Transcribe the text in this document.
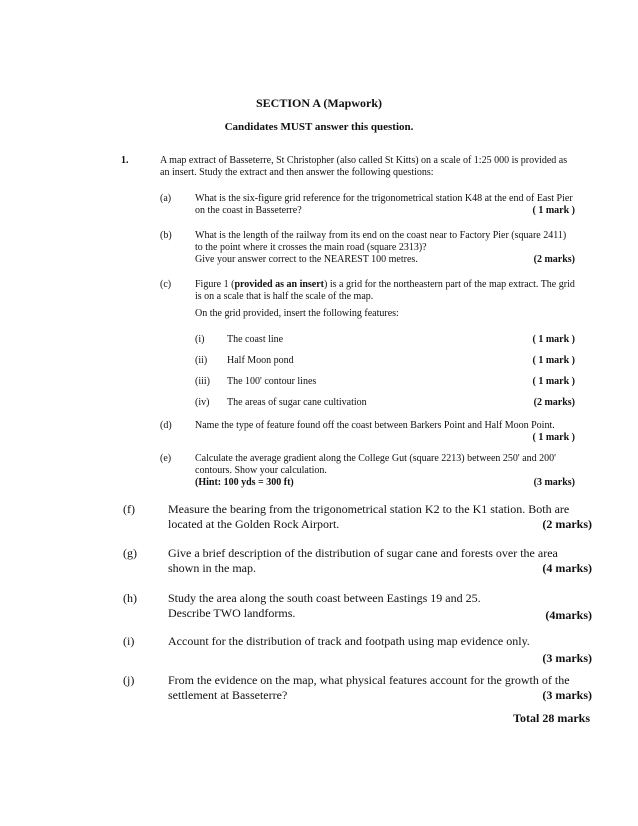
SECTION A (Mapwork)
Candidates MUST answer this question.
1.	A map extract of Basseterre, St Christopher (also called St Kitts) on a scale of 1:25 000 is provided as an insert. Study the extract and then answer the following questions:
(a) What is the six-figure grid reference for the trigonometrical station K48 at the end of East Pier on the coast in Basseterre?	( 1 mark )
(b) What is the length of the railway from its end on the coast near to Factory Pier (square 2411) to the point where it crosses the main road (square 2313)?
Give your answer correct to the NEAREST 100 metres.	(2 marks)
(c) Figure 1 (provided as an insert) is a grid for the northeastern part of the map extract. The grid is on a scale that is half the scale of the map.
On the grid provided, insert the following features:
(i) The coast line	( 1 mark )
(ii) Half Moon pond	( 1 mark )
(iii) The 100' contour lines	( 1 mark )
(iv) The areas of sugar cane cultivation	(2 marks)
(d) Name the type of feature found off the coast between Barkers Point and Half Moon Point.
( 1 mark )
(e) Calculate the average gradient along the College Gut (square 2213) between 250' and 200' contours. Show your calculation.
(Hint: 100 yds = 300 ft)	(3 marks)
(f)	Measure the bearing from the trigonometrical station K2 to the K1 station. Both are located at the Golden Rock Airport.	(2 marks)
(g)	Give a brief description of the distribution of sugar cane and forests over the area shown in the map.	(4 marks)
(h)	Study the area along the south coast between Eastings 19 and 25.
Describe TWO landforms.	(4marks)
(i)	Account for the distribution of track and footpath using map evidence only.
(3 marks)
(j)	From the evidence on the map, what physical features account for the growth of the settlement at Basseterre?	(3 marks)
Total 28 marks
